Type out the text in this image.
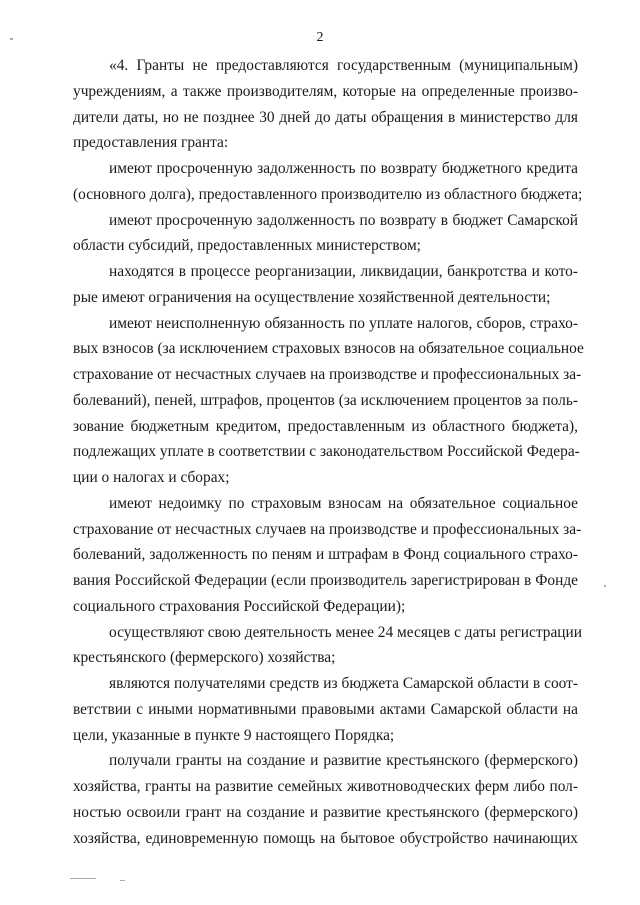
2

«4. Гранты не предоставляются государственным (муниципальным)
учреждениям, а также производителям, которые на определенные произво-
дители даты, но не позднее 30 дней до даты обращения в министерство для
предоставления гранта:

имеют просроченную задолженность по возврату бюджетного кредита
(основного долга), предоставленного производителю из областного бюджета;

имеют просроченную задолженность по возврату в бюджет Самарской
области субсидий, предоставленных министерством;

находятся в процессе реорганизации, ликвидации, банкротства и кото-
рые имеют ограничения на осуществление хозяйственной деятельности;

имеют неисполненную обязанность по уплате налогов, сборов, страхо-
вых взносов (за исключением страховых взносов на обязательное социальное
страхование от несчастных случаев на производстве и профессиональных за-
болеваний), пеней, штрафов, процентов (за исключением процентов за поль-
зование бюджетным кредитом, предоставленным из областного бюджета),
подлежащих уплате в соответствии с законодательством Российской Федера-
ции о налогах и сборах;

имеют недоимку по страховым взносам на обязательное социальное
страхование от несчастных случаев на производстве и профессиональных за-
болеваний, задолженность по пеням и штрафам в Фонд социального страхо-
вания Российской Федерации (если производитель зарегистрирован в Фонде
социального страхования Российской Федерации);

осуществляют свою деятельность менее 24 месяцев с даты регистрации
крестьянского (фермерского) хозяйства;

являются получателями средств из бюджета Самарской области в соот-
ветствии с иными нормативными правовыми актами Самарской области на
цели, указанные в пункте 9 настоящего Порядка;

получали гранты на создание и развитие крестьянского (фермерского)
хозяйства, гранты на развитие семейных животноводческих ферм либо пол-
ностью освоили грант на создание и развитие крестьянского (фермерского)
хозяйства, единовременную помощь на бытовое обустройство начинающих
